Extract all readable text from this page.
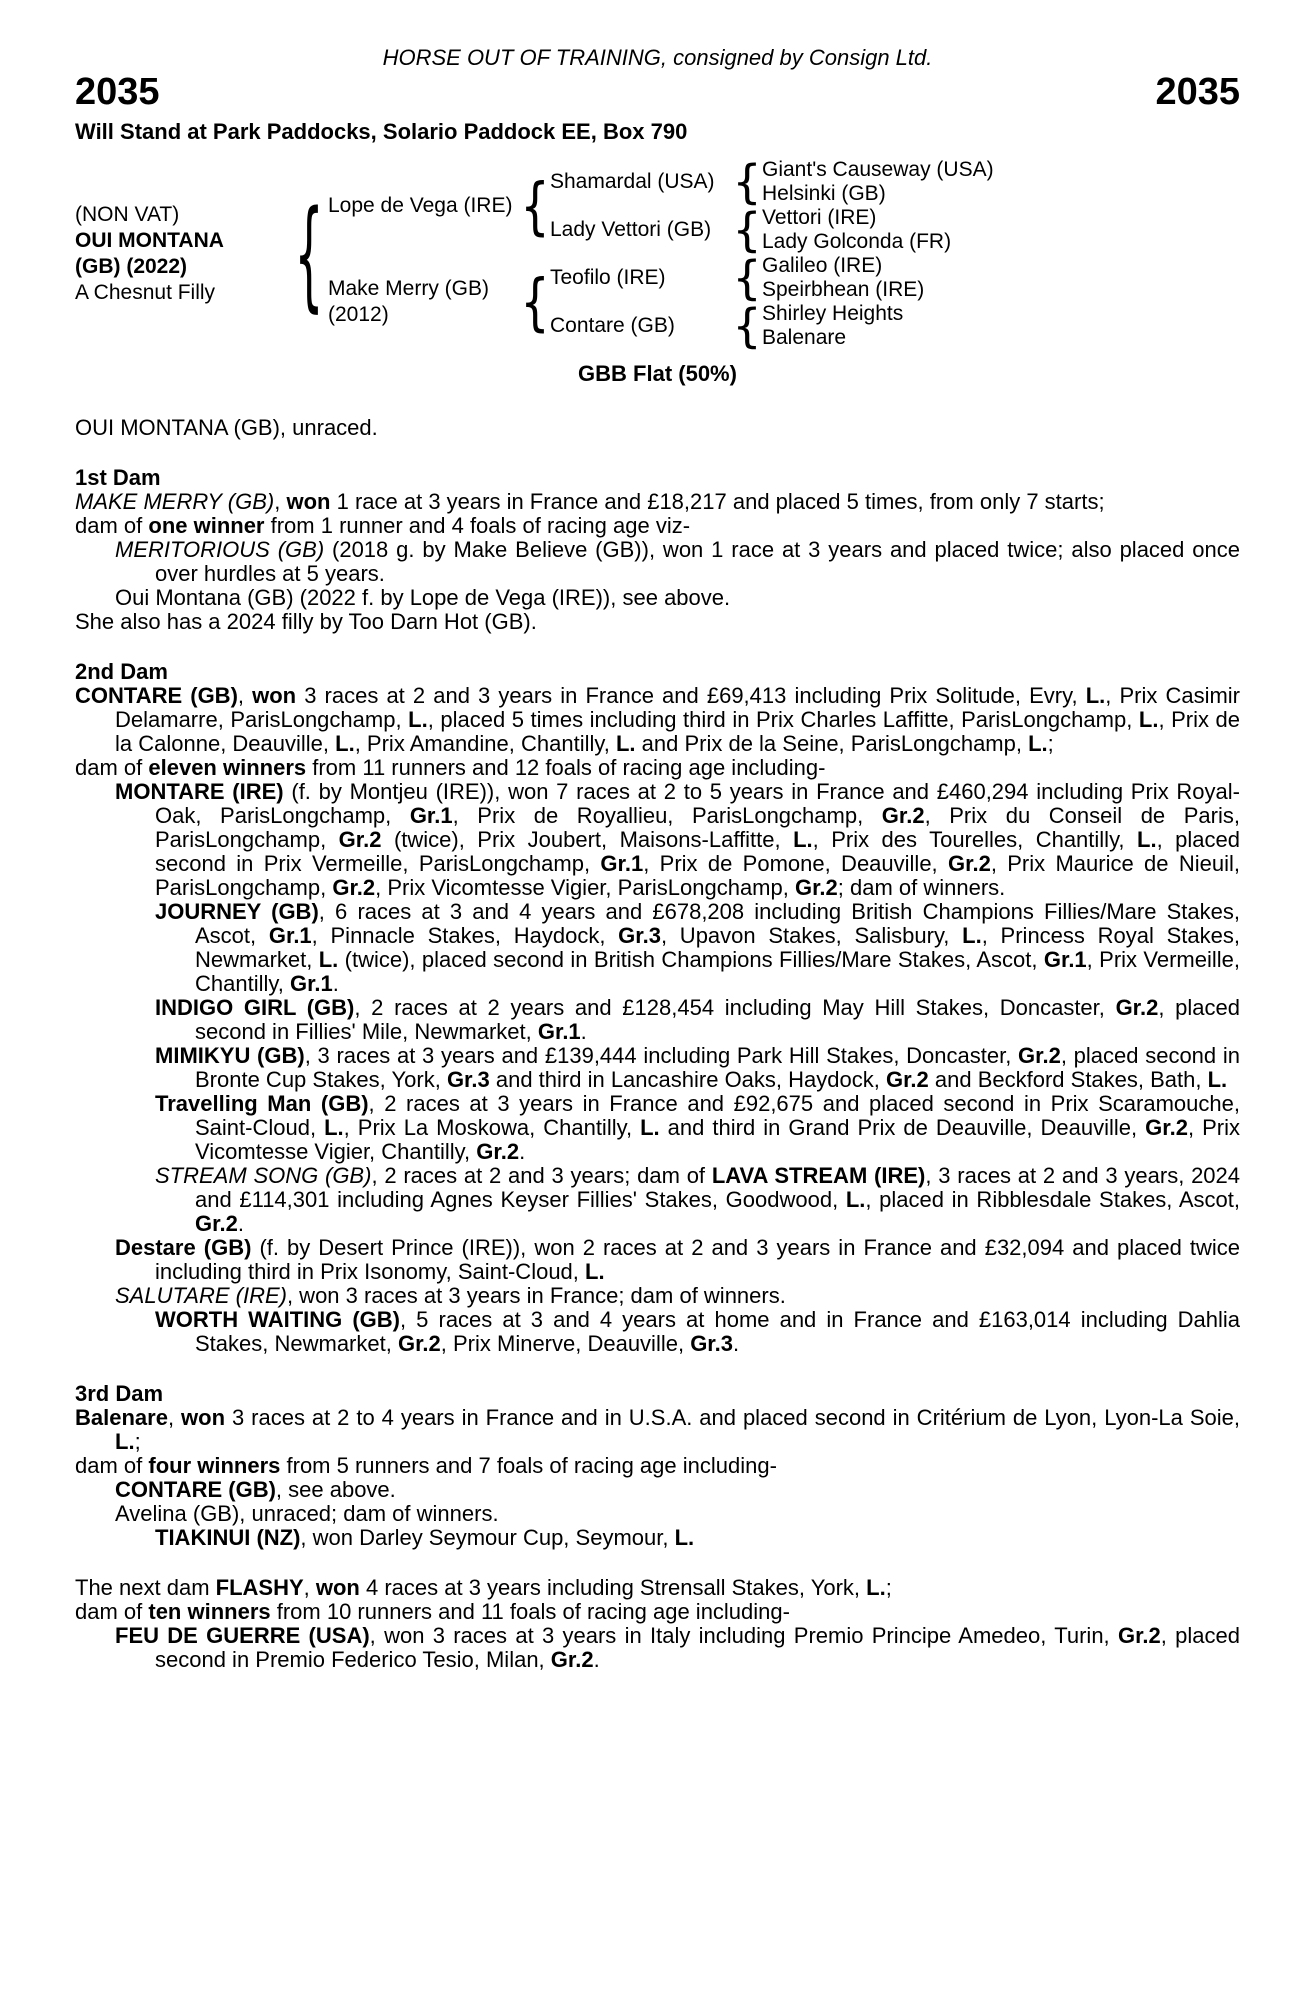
HORSE OUT OF TRAINING, consigned by Consign Ltd.
2035	2035
Will Stand at Park Paddocks, Solario Paddock EE, Box 790
(NON VAT)
OUI MONTANA
(GB) (2022)
A Chesnut Filly { Lope de Vega (IRE)
Make Merry (GB)
(2012)
{
{
Shamardal (USA)
Lady Vettori (GB)
Teofilo (IRE)
Contare (GB)
{
{
{
{
Giant's Causeway (USA)
Helsinki (GB)
Vettori (IRE)
Lady Golconda (FR)
Galileo (IRE)
Speirbhean (IRE)
Shirley Heights
Balenare
GBB Flat (50%)
OUI MONTANA (GB), unraced.
1st Dam
MAKE MERRY (GB), won 1 race at 3 years in France and £18,217 and placed 5 times, from only 7 starts;
dam of one winner from 1 runner and 4 foals of racing age viz-
MERITORIOUS (GB) (2018 g. by Make Believe (GB)), won 1 race at 3 years and placed twice; also placed once over hurdles at 5 years.
Oui Montana (GB) (2022 f. by Lope de Vega (IRE)), see above.
She also has a 2024 filly by Too Darn Hot (GB).
2nd Dam
CONTARE (GB), won 3 races at 2 and 3 years in France and £69,413 including Prix Solitude, Evry, L., Prix Casimir Delamarre, ParisLongchamp, L., placed 5 times including third in Prix Charles Laffitte, ParisLongchamp, L., Prix de la Calonne, Deauville, L., Prix Amandine, Chantilly, L. and Prix de la Seine, ParisLongchamp, L.;
dam of eleven winners from 11 runners and 12 foals of racing age including-
MONTARE (IRE) (f. by Montjeu (IRE)), won 7 races at 2 to 5 years in France and £460,294 including Prix Royal-Oak, ParisLongchamp, Gr.1, Prix de Royallieu, ParisLongchamp, Gr.2, Prix du Conseil de Paris, ParisLongchamp, Gr.2 (twice), Prix Joubert, Maisons-Laffitte, L., Prix des Tourelles, Chantilly, L., placed second in Prix Vermeille, ParisLongchamp, Gr.1, Prix de Pomone, Deauville, Gr.2, Prix Maurice de Nieuil, ParisLongchamp, Gr.2, Prix Vicomtesse Vigier, ParisLongchamp, Gr.2; dam of winners.
JOURNEY (GB), 6 races at 3 and 4 years and £678,208 including British Champions Fillies/Mare Stakes, Ascot, Gr.1, Pinnacle Stakes, Haydock, Gr.3, Upavon Stakes, Salisbury, L., Princess Royal Stakes, Newmarket, L. (twice), placed second in British Champions Fillies/Mare Stakes, Ascot, Gr.1, Prix Vermeille, Chantilly, Gr.1.
INDIGO GIRL (GB), 2 races at 2 years and £128,454 including May Hill Stakes, Doncaster, Gr.2, placed second in Fillies' Mile, Newmarket, Gr.1.
MIMIKYU (GB), 3 races at 3 years and £139,444 including Park Hill Stakes, Doncaster, Gr.2, placed second in Bronte Cup Stakes, York, Gr.3 and third in Lancashire Oaks, Haydock, Gr.2 and Beckford Stakes, Bath, L.
Travelling Man (GB), 2 races at 3 years in France and £92,675 and placed second in Prix Scaramouche, Saint-Cloud, L., Prix La Moskowa, Chantilly, L. and third in Grand Prix de Deauville, Deauville, Gr.2, Prix Vicomtesse Vigier, Chantilly, Gr.2.
STREAM SONG (GB), 2 races at 2 and 3 years; dam of LAVA STREAM (IRE), 3 races at 2 and 3 years, 2024 and £114,301 including Agnes Keyser Fillies' Stakes, Goodwood, L., placed in Ribblesdale Stakes, Ascot, Gr.2.
Destare (GB) (f. by Desert Prince (IRE)), won 2 races at 2 and 3 years in France and £32,094 and placed twice including third in Prix Isonomy, Saint-Cloud, L.
SALUTARE (IRE), won 3 races at 3 years in France; dam of winners.
WORTH WAITING (GB), 5 races at 3 and 4 years at home and in France and £163,014 including Dahlia Stakes, Newmarket, Gr.2, Prix Minerve, Deauville, Gr.3.
3rd Dam
Balenare, won 3 races at 2 to 4 years in France and in U.S.A. and placed second in Critérium de Lyon, Lyon-La Soie, L.;
dam of four winners from 5 runners and 7 foals of racing age including-
CONTARE (GB), see above.
Avelina (GB), unraced; dam of winners.
TIAKINUI (NZ), won Darley Seymour Cup, Seymour, L.
The next dam FLASHY, won 4 races at 3 years including Strensall Stakes, York, L.;
dam of ten winners from 10 runners and 11 foals of racing age including-
FEU DE GUERRE (USA), won 3 races at 3 years in Italy including Premio Principe Amedeo, Turin, Gr.2, placed second in Premio Federico Tesio, Milan, Gr.2.
